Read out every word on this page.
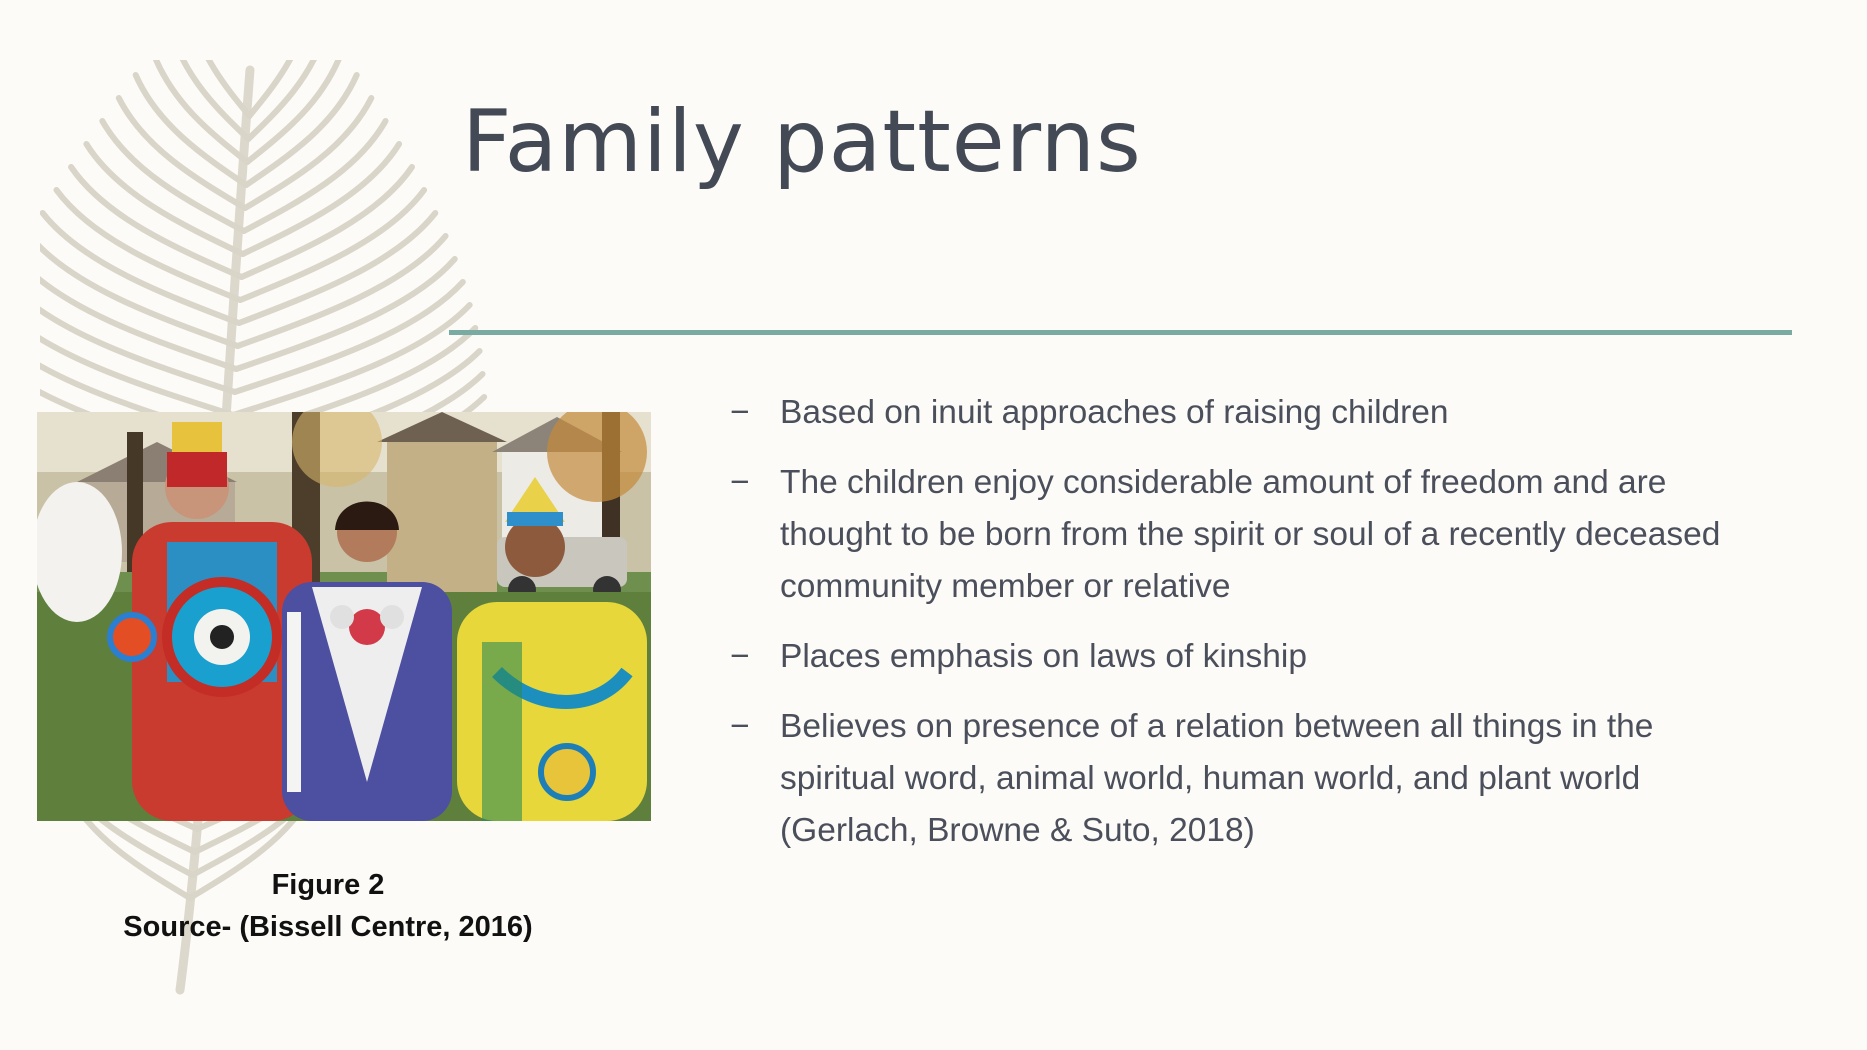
Family patterns
Figure 2
Source- (Bissell Centre, 2016)
− Based on inuit approaches of raising children
− The children enjoy considerable amount of freedom and are thought to be born from the spirit or soul of a recently deceased community member or relative
− Places emphasis on laws of kinship
− Believes on presence of a relation between all things in the spiritual word, animal world, human world, and plant world (Gerlach, Browne & Suto, 2018)
